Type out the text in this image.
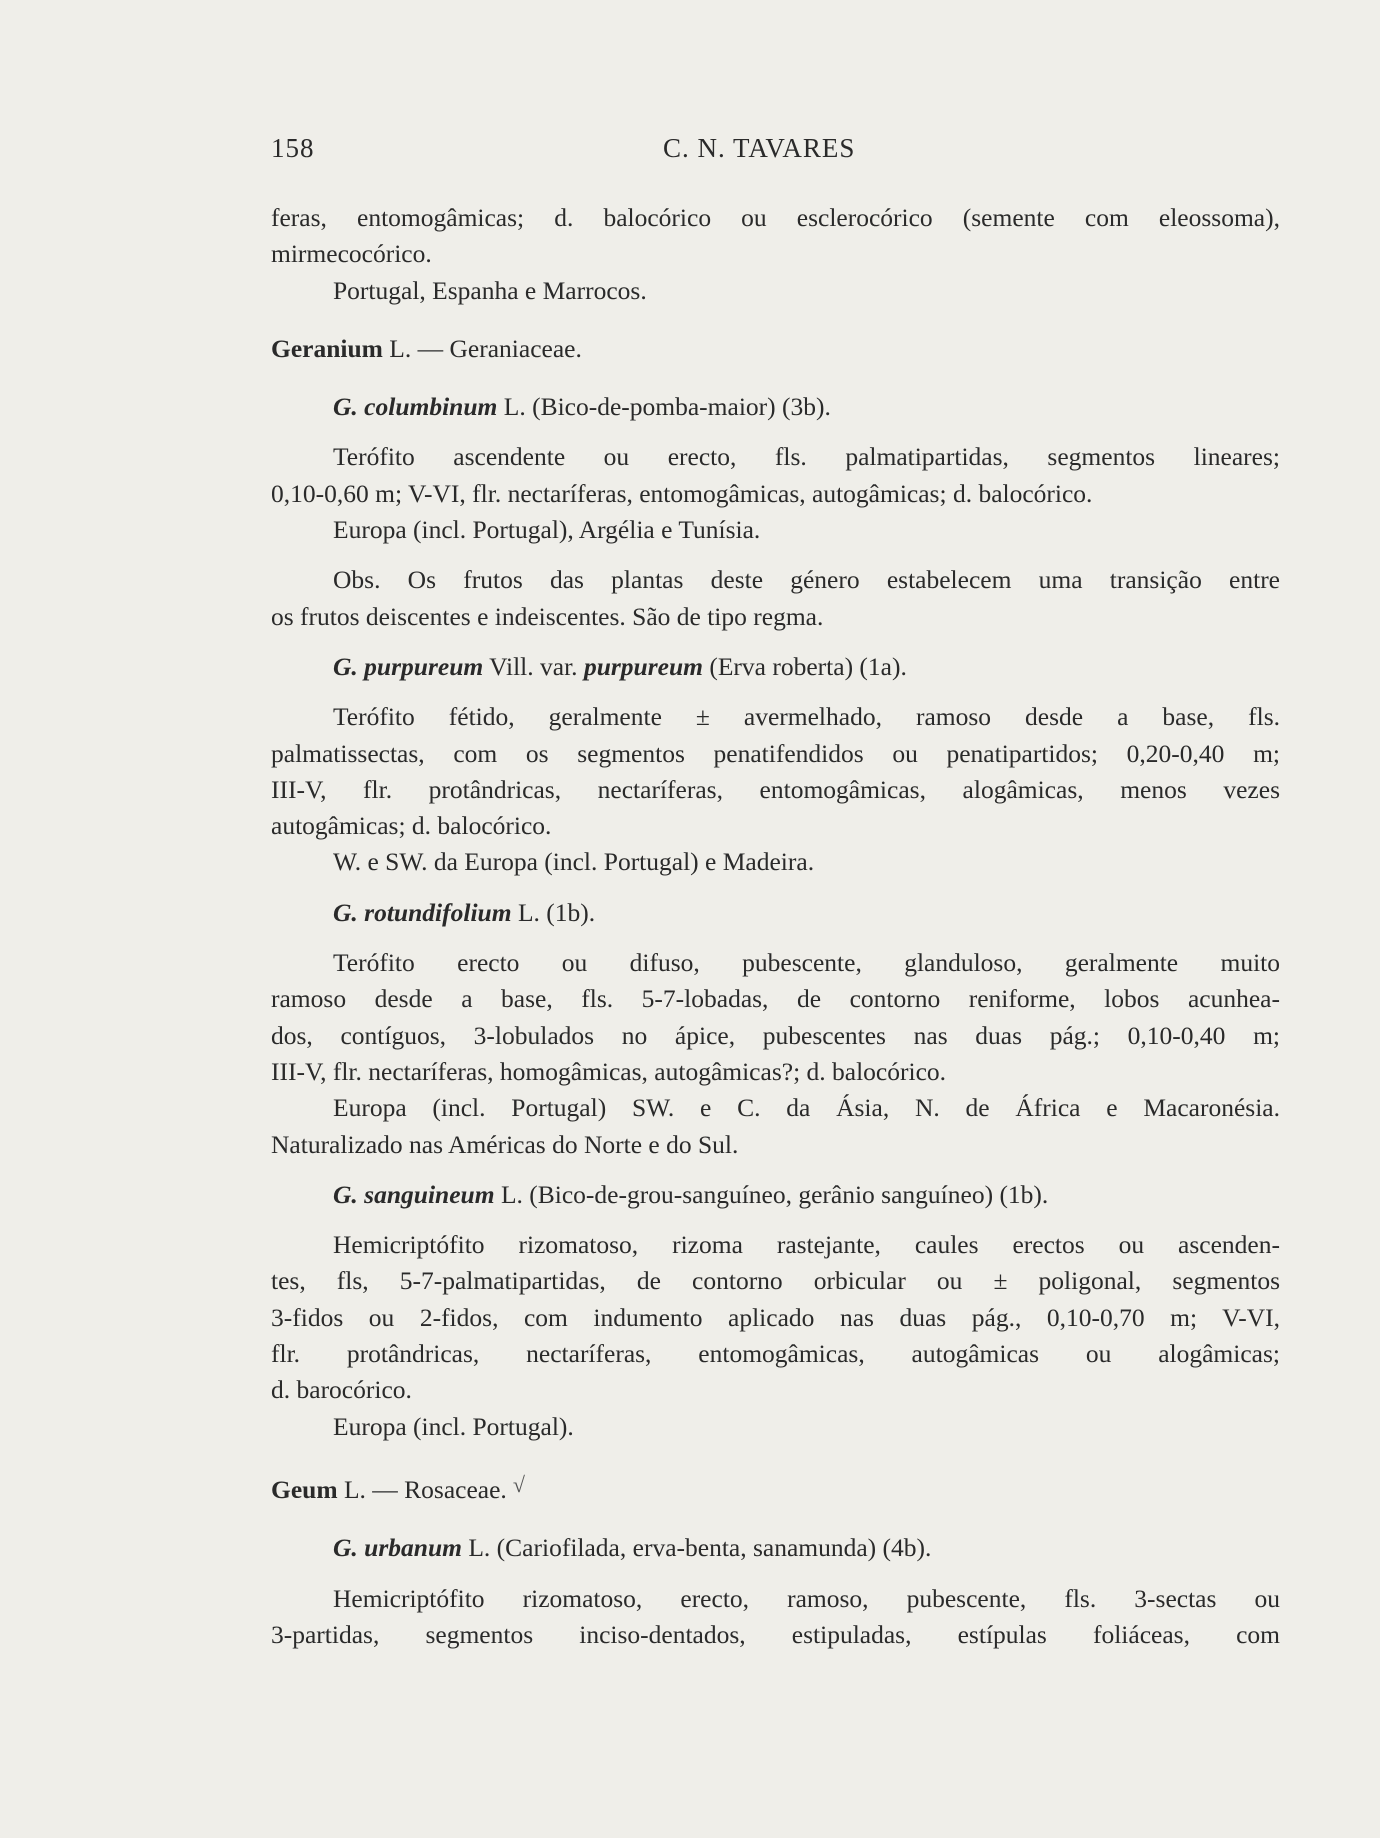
158	C. N. TAVARES

feras, entomogâmicas; d. balocórico ou esclerocórico (semente com eleossoma),

mirmecocórico.

Portugal, Espanha e Marrocos.

Geranium L. — Geraniaceae.

G. columbinum L. (Bico-de-pomba-maior) (3b).

Terófito ascendente ou erecto, fls. palmatipartidas, segmentos lineares;

0,10-0,60 m; V-VI, flr. nectaríferas, entomogâmicas, autogâmicas; d. balocórico.

Europa (incl. Portugal), Argélia e Tunísia.

Obs. Os frutos das plantas deste género estabelecem uma transição entre

os frutos deiscentes e indeiscentes. São de tipo regma.

G. purpureum Vill. var. purpureum (Erva roberta) (1a).

Terófito fétido, geralmente ± avermelhado, ramoso desde a base, fls.

palmatissectas, com os segmentos penatifendidos ou penatipartidos; 0,20-0,40 m;

III-V, flr. protândricas, nectaríferas, entomogâmicas, alogâmicas, menos vezes

autogâmicas; d. balocórico.

W. e SW. da Europa (incl. Portugal) e Madeira.

G. rotundifolium L. (1b).

Terófito erecto ou difuso, pubescente, glanduloso, geralmente muito

ramoso desde a base, fls. 5-7-lobadas, de contorno reniforme, lobos acunhea-

dos, contíguos, 3-lobulados no ápice, pubescentes nas duas pág.; 0,10-0,40 m;

III-V, flr. nectaríferas, homogâmicas, autogâmicas?; d. balocórico.

Europa (incl. Portugal) SW. e C. da Ásia, N. de África e Macaronésia.

Naturalizado nas Américas do Norte e do Sul.

G. sanguineum L. (Bico-de-grou-sanguíneo, gerânio sanguíneo) (1b).

Hemicriptófito rizomatoso, rizoma rastejante, caules erectos ou ascenden-

tes, fls, 5-7-palmatipartidas, de contorno orbicular ou ± poligonal, segmentos

3-fidos ou 2-fidos, com indumento aplicado nas duas pág., 0,10-0,70 m; V-VI,

flr. protândricas, nectaríferas, entomogâmicas, autogâmicas ou alogâmicas;

d. barocórico.

Europa (incl. Portugal).

Geum L. — Rosaceae. √

G. urbanum L. (Cariofilada, erva-benta, sanamunda) (4b).

Hemicriptófito rizomatoso, erecto, ramoso, pubescente, fls. 3-sectas ou

3-partidas, segmentos inciso-dentados, estipuladas, estípulas foliáceas, com
